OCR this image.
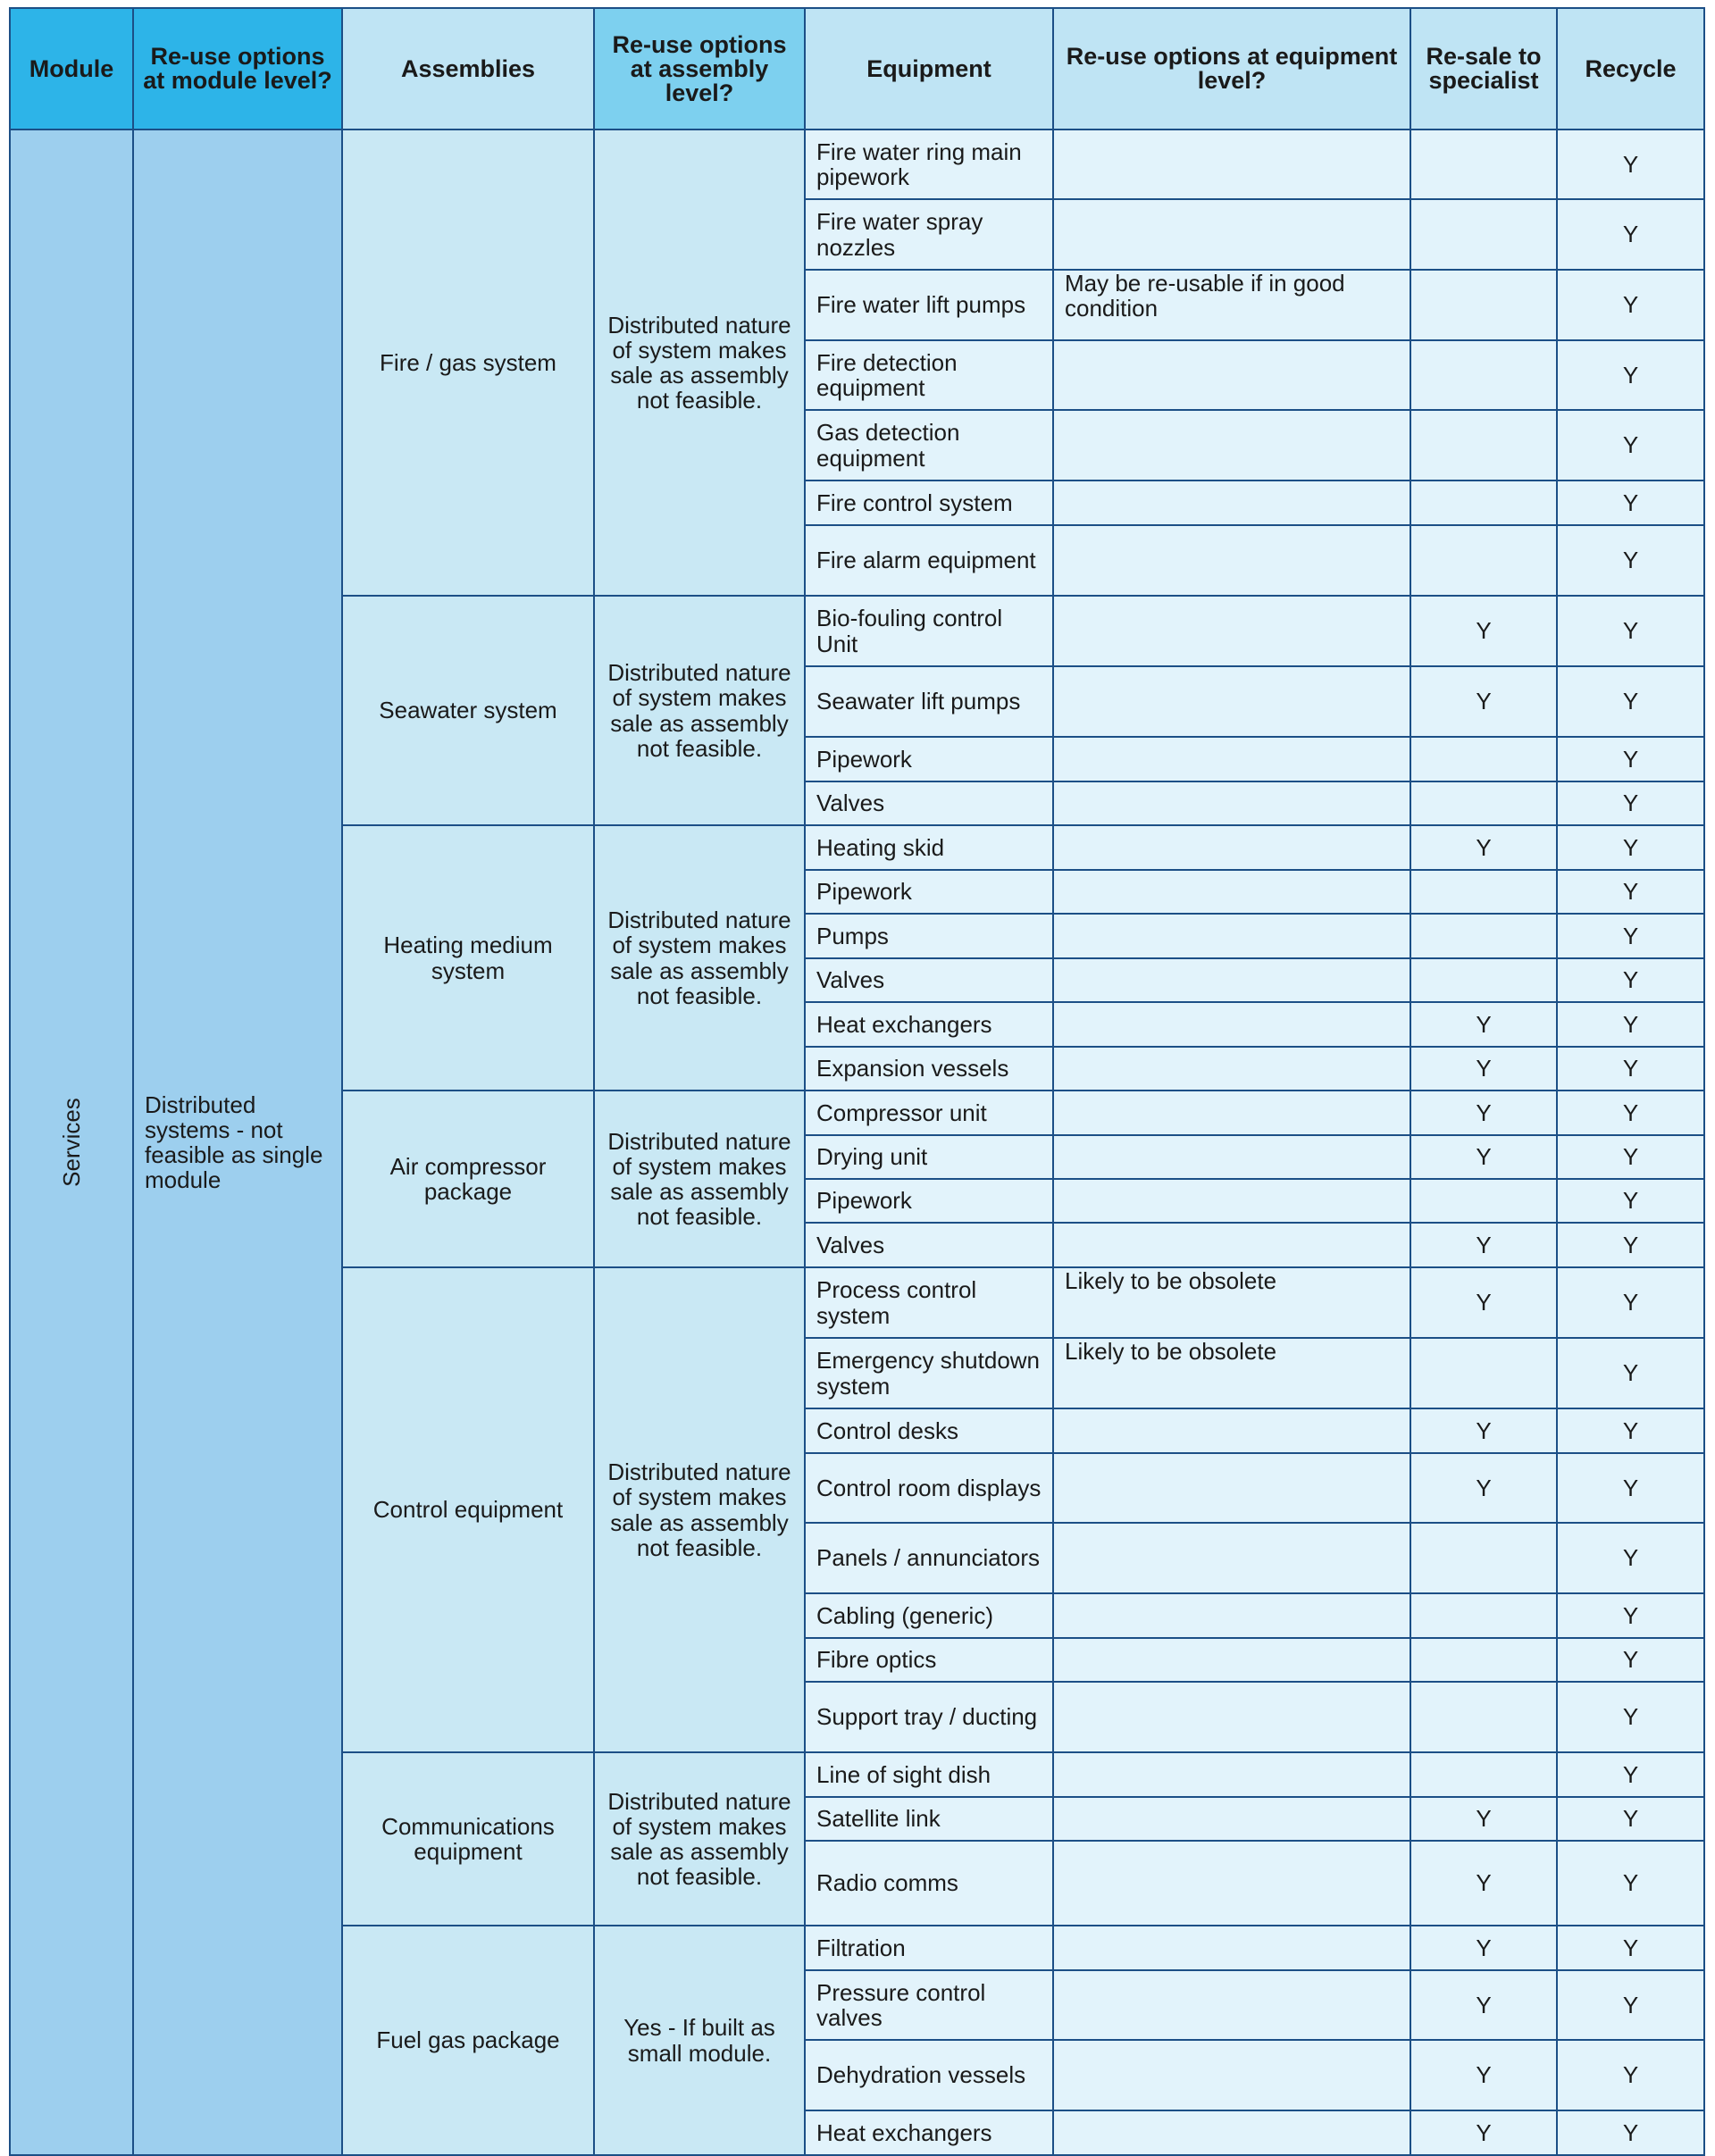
Module	Re-use options at module level?	Assemblies	Re-use options at assembly level?	Equipment	Re-use options at equipment level?	Re-sale to specialist	Recycle
Services	Distributed systems - not feasible as single module	Fire / gas system	Distributed nature of system makes sale as assembly not feasible.	Fire water ring main pipework			Y
				Fire water spray nozzles			Y
				Fire water lift pumps	May be re-usable if in good condition		Y
				Fire detection equipment			Y
				Gas detection equipment			Y
				Fire control system			Y
				Fire alarm equipment			Y
		Seawater system	Distributed nature of system makes sale as assembly not feasible.	Bio-fouling control Unit		Y	Y
				Seawater lift pumps		Y	Y
				Pipework			Y
				Valves			Y
		Heating medium system	Distributed nature of system makes sale as assembly not feasible.	Heating skid		Y	Y
				Pipework			Y
				Pumps			Y
				Valves			Y
				Heat exchangers		Y	Y
				Expansion vessels		Y	Y
		Air compressor package	Distributed nature of system makes sale as assembly not feasible.	Compressor unit		Y	Y
				Drying unit		Y	Y
				Pipework			Y
				Valves		Y	Y
		Control equipment	Distributed nature of system makes sale as assembly not feasible.	Process control system	Likely to be obsolete	Y	Y
				Emergency shutdown system	Likely to be obsolete		Y
				Control desks		Y	Y
				Control room displays		Y	Y
				Panels / annunciators			Y
				Cabling (generic)			Y
				Fibre optics			Y
				Support tray / ducting			Y
		Communications equipment	Distributed nature of system makes sale as assembly not feasible.	Line of sight dish			Y
				Satellite link		Y	Y
				Radio comms		Y	Y
		Fuel gas package	Yes - If built as small module.	Filtration		Y	Y
				Pressure control valves		Y	Y
				Dehydration vessels		Y	Y
				Heat exchangers		Y	Y
